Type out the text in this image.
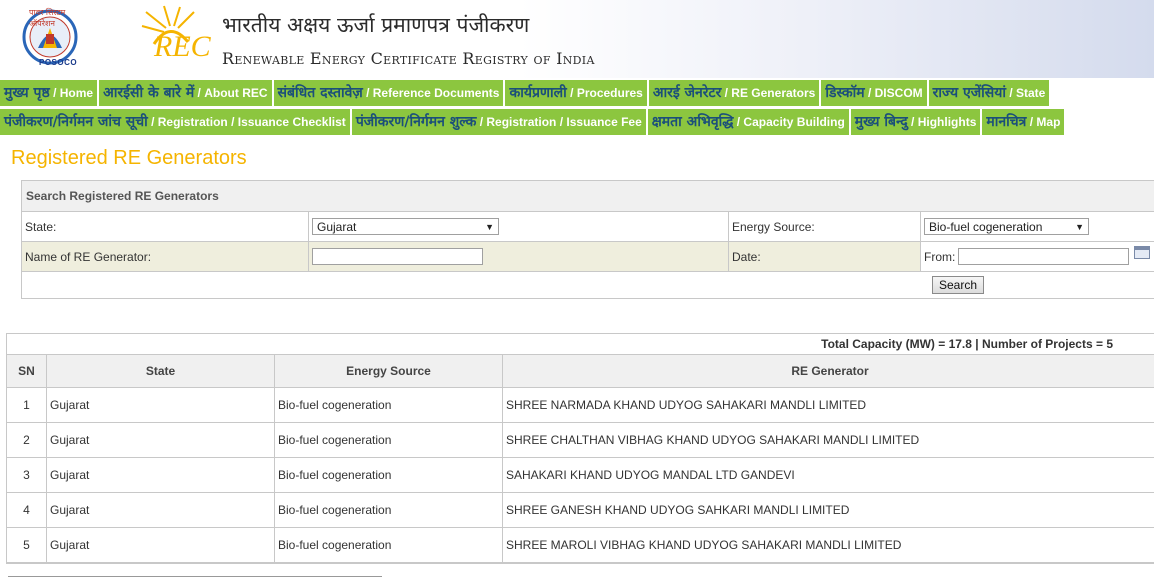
पावर सिस्टम ऑपरेशन
POSOCO	REC
भारतीय अक्षय ऊर्जा प्रमाणपत्र पंजीकरण
Renewable Energy Certificate Registry of India
मुख्य पृष्ठ / Home आरईसी के बारे में / About REC संबंधित दस्तावेज़ / Reference Documents कार्यप्रणाली / Procedures आरई जेनरेटर / RE Generators डिस्कॉम / DISCOM राज्य एजेंसियां / State
पंजीकरण/निर्गमन जांच सूची / Registration / Issuance Checklist पंजीकरण/निर्गमन शुल्क / Registration / Issuance Fee क्षमता अभिवृद्धि / Capacity Building मुख्य बिन्दु / Highlights मानचित्र / Map
Registered RE Generators
Search Registered RE Generators
State:	Gujarat	▼	Energy Source:	Bio-fuel cogeneration	▼
Name of RE Generator:	Date:	From:
Search
Total Capacity (MW) = 17.8 | Number of Projects = 5
SN	State	Energy Source	RE Generator
1	Gujarat	Bio-fuel cogeneration	SHREE NARMADA KHAND UDYOG SAHAKARI MANDLI LIMITED
2	Gujarat	Bio-fuel cogeneration	SHREE CHALTHAN VIBHAG KHAND UDYOG SAHAKARI MANDLI LIMITED
3	Gujarat	Bio-fuel cogeneration	SAHAKARI KHAND UDYOG MANDAL LTD GANDEVI
4	Gujarat	Bio-fuel cogeneration	SHREE GANESH KHAND UDYOG SAHKARI MANDLI LIMITED
5	Gujarat	Bio-fuel cogeneration	SHREE MAROLI VIBHAG KHAND UDYOG SAHAKARI MANDLI LIMITED
